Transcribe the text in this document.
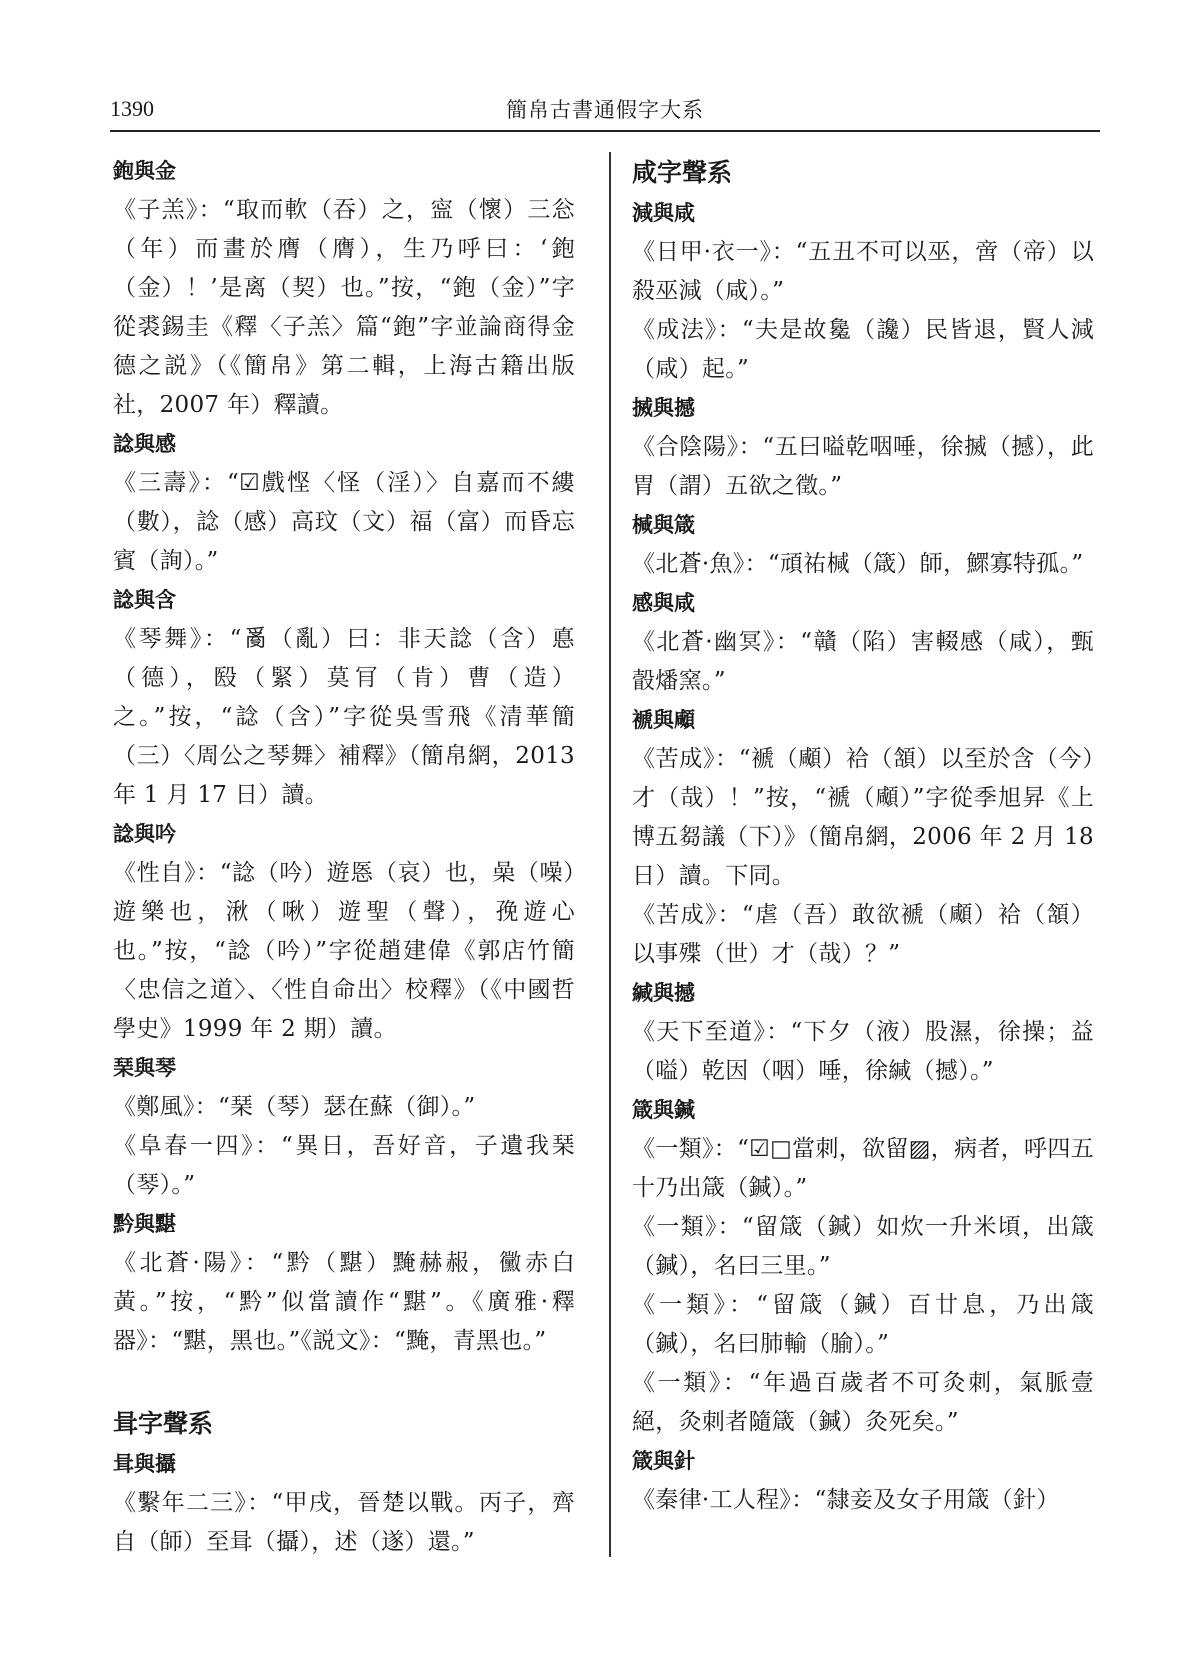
1390	簡帛古書通假字大系

鉋與金

《子羔》：“取而軟（吞）之，寍（懷）三忩（年）而畫於膺（膺），生乃呼曰：‘鉋（金）！’是离（契）也。”按，“鉋（金）”字從裘錫圭《釋〈子羔〉篇“鉋”字並論商得金德之説》（《簡帛》第二輯，上海古籍出版社，2007 年）釋讀。

諗與感

《三壽》：“☑戲悭〈怪（淫）〉自嘉而不縷（數），諗（感）高玟（文）福（富）而昏忘賓（詢）。”

諗與含

《琴舞》：“𤔔（亂）曰：非天諗（含）悳（德），殹（緊）莫肎（肯）曹（造）之。”按，“諗（含）”字從吳雪飛《清華簡（三）〈周公之琴舞〉補釋》（簡帛網，2013 年 1 月 17 日）讀。

諗與吟

《性自》：“諗（吟）遊悘（哀）也，喿（噪）遊樂也，湫（啾）遊聖（聲），㝃遊心也。”按，“諗（吟）”字從趙建偉《郭店竹簡〈忠信之道〉、〈性自命出〉校釋》（《中國哲學史》1999 年 2 期）讀。

琹與琴

《鄭風》：“琹（琴）瑟在蘇（御）。”

《阜春一四》：“異日，吾好音，子遺我琹（琴）。”

黔與黮

《北蒼·陽》：“黔（黮）黤赫赧，黴赤白黃。”按，“黔”似當讀作“黮”。《廣雅·釋器》：“黮，黑也。”《説文》：“黤，青黑也。”

咠字聲系

咠與攝

《繫年二三》：“甲戌，晉楚以戰。丙子，齊自（師）至咠（攝），述（遂）還。”

咸字聲系

減與咸

《日甲·衣一》：“五丑不可以巫，啻（帝）以殺巫減（咸）。”

《成法》：“夫是故毚（讒）民皆退，賢人減（咸）起。”

搣與撼

《合陰陽》：“五曰嗌乾咽唾，徐搣（撼），此胃（謂）五欲之徵。”

椷與箴

《北蒼·魚》：“頑祐椷（箴）師，鰥寡特孤。”

感與咸

《北蒼·幽冥》：“贛（陷）害輟感（咸），甄瞉燔窯。”

褫與顑

《苦成》：“褫（顑）袷（頷）以至於含（今）才（哉）！”按，“褫（顑）”字從季旭昇《上博五芻議（下）》（簡帛網，2006 年 2 月 18 日）讀。下同。

《苦成》：“虐（吾）敢欲褫（顑）袷（頷）以事殜（世）才（哉）？”

緘與撼

《天下至道》：“下夕（液）股濕，徐操；益（嗌）乾因（咽）唾，徐緘（撼）。”

箴與鍼

《一類》：“☑□當刺，欲留▨，病者，呼四五十乃出箴（鍼）。”

《一類》：“留箴（鍼）如炊一升米頃，出箴（鍼），名曰三里。”

《一類》：“留箴（鍼）百廿息，乃出箴（鍼），名曰肺輸（腧）。”

《一類》：“年過百歲者不可灸刺，氣脈壹絕，灸刺者隨箴（鍼）灸死矣。”

箴與針

《秦律·工人程》：“隸妾及女子用箴（針）
